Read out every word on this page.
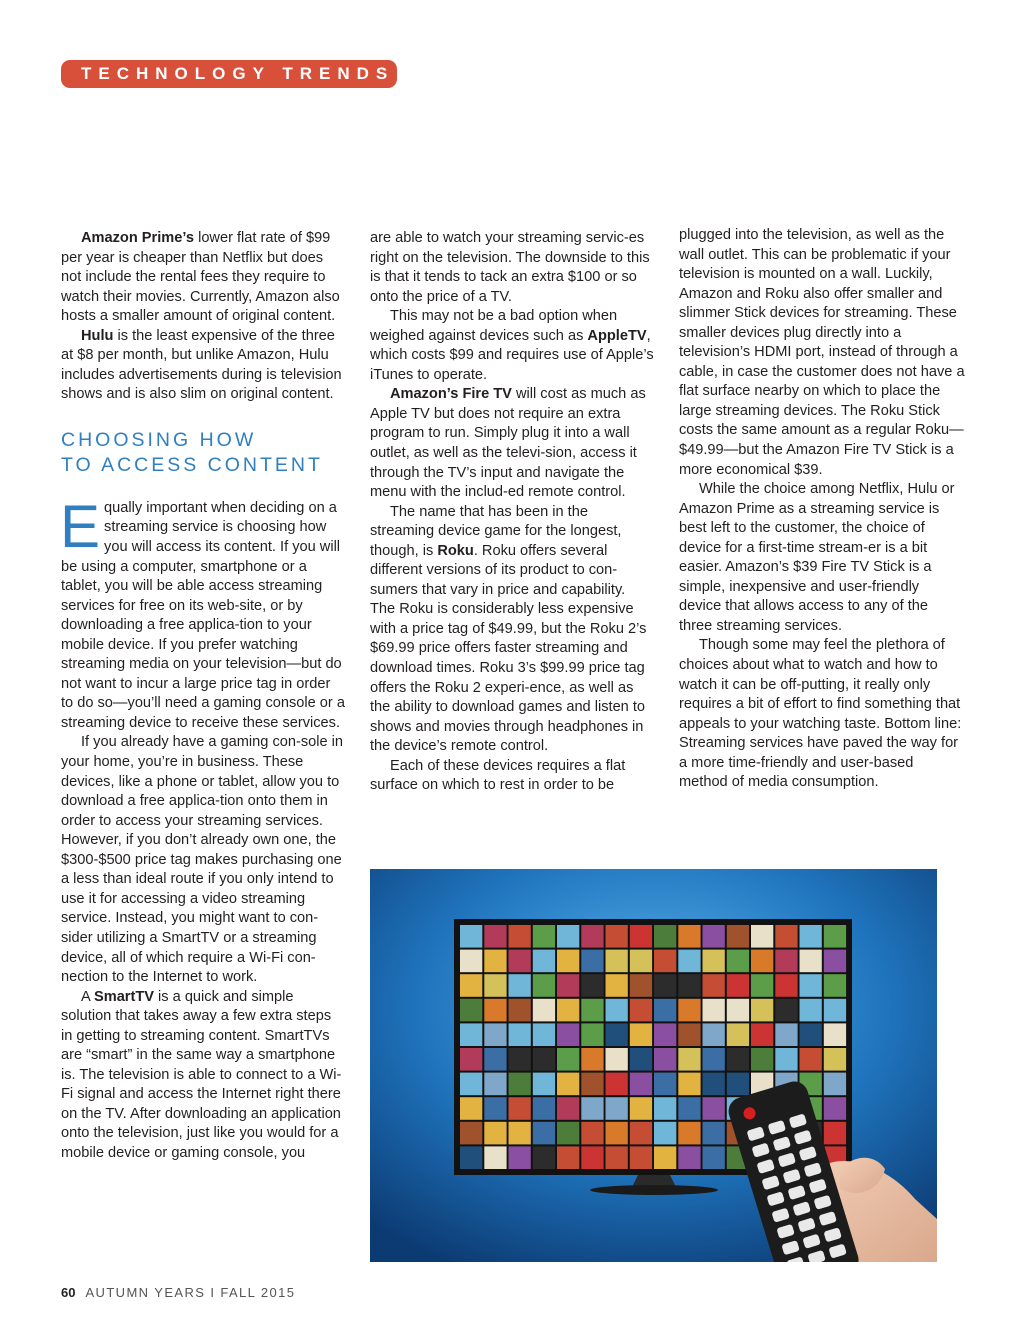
TECHNOLOGY TRENDS

Amazon Prime’s lower flat rate of $99 per year is cheaper than Netflix but does not include the rental fees they require to watch their movies. Currently, Amazon also hosts a smaller amount of original content.

Hulu is the least expensive of the three at $8 per month, but unlike Amazon, Hulu includes advertisements during is television shows and is also slim on original content.

CHOOSING HOW
TO ACCESS CONTENT

Equally important when deciding on a streaming service is choosing how you will access its content. If you will be using a computer, smartphone or a tablet, you will be able access streaming services for free on its web-site, or by downloading a free applica-tion to your mobile device. If you prefer watching streaming media on your television—but do not want to incur a large price tag in order to do so—you’ll need a gaming console or a streaming device to receive these services.

If you already have a gaming con-sole in your home, you’re in business. These devices, like a phone or tablet, allow you to download a free applica-tion onto them in order to access your streaming services. However, if you don’t already own one, the $300-$500 price tag makes purchasing one a less than ideal route if you only intend to use it for accessing a video streaming service. Instead, you might want to con-sider utilizing a SmartTV or a streaming device, all of which require a Wi-Fi con-nection to the Internet to work.

A SmartTV is a quick and simple solution that takes away a few extra steps in getting to streaming content. SmartTVs are “smart” in the same way a smartphone is. The television is able to connect to a Wi-Fi signal and access the Internet right there on the TV. After downloading an application onto the television, just like you would for a mobile device or gaming console, you

are able to watch your streaming servic-es right on the television. The downside to this is that it tends to tack an extra $100 or so onto the price of a TV.

This may not be a bad option when weighed against devices such as AppleTV, which costs $99 and requires use of Apple’s iTunes to operate.

Amazon’s Fire TV will cost as much as Apple TV but does not require an extra program to run. Simply plug it into a wall outlet, as well as the televi-sion, access it through the TV’s input and navigate the menu with the includ-ed remote control.

The name that has been in the streaming device game for the longest, though, is Roku. Roku offers several different versions of its product to con-sumers that vary in price and capability. The Roku is considerably less expensive with a price tag of $49.99, but the Roku 2’s $69.99 price offers faster streaming and download times. Roku 3’s $99.99 price tag offers the Roku 2 experi-ence, as well as the ability to download games and listen to shows and movies through headphones in the device’s remote control.

Each of these devices requires a flat surface on which to rest in order to be

plugged into the television, as well as the wall outlet. This can be problematic if your television is mounted on a wall. Luckily, Amazon and Roku also offer smaller and slimmer Stick devices for streaming. These smaller devices plug directly into a television’s HDMI port, instead of through a cable, in case the customer does not have a flat surface nearby on which to place the large streaming devices. The Roku Stick costs the same amount as a regular Roku—$49.99—but the Amazon Fire TV Stick is a more economical $39.

While the choice among Netflix, Hulu or Amazon Prime as a streaming service is best left to the customer, the choice of device for a first-time stream-er is a bit easier. Amazon’s $39 Fire TV Stick is a simple, inexpensive and user-friendly device that allows access to any of the three streaming services.

Though some may feel the plethora of choices about what to watch and how to watch it can be off-putting, it really only requires a bit of effort to find something that appeals to your watching taste. Bottom line: Streaming services have paved the way for a more time-friendly and user-based method of media consumption.

60 AUTUMN YEARS I FALL 2015
